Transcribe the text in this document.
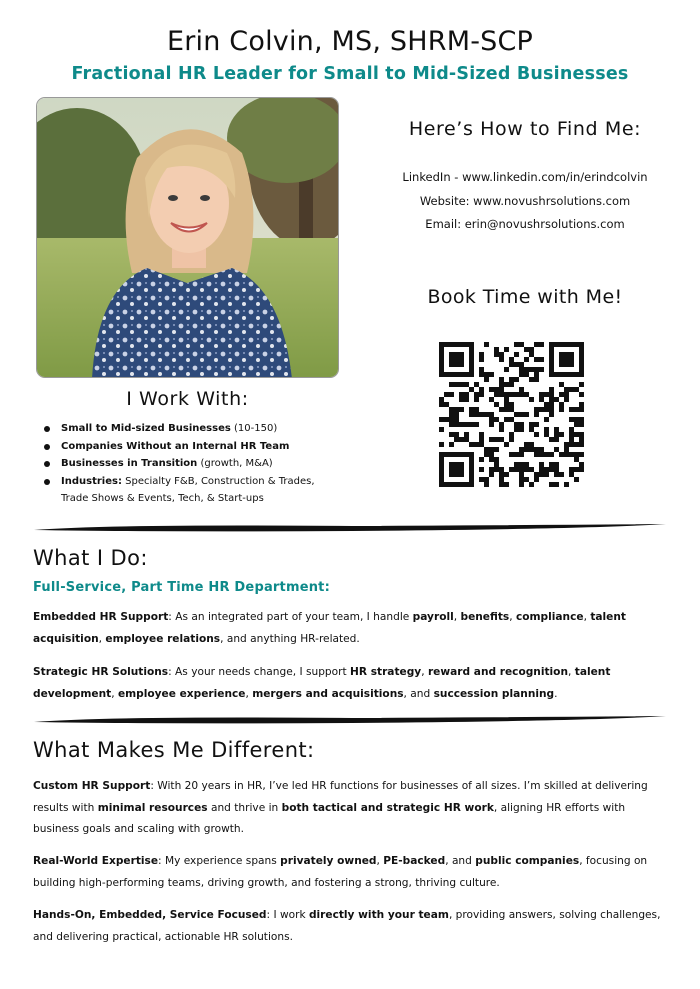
Erin Colvin, MS, SHRM-SCP
Fractional HR Leader for Small to Mid-Sized Businesses
Here’s How to Find Me:
LinkedIn - www.linkedin.com/in/erindcolvin
Website: www.novushrsolutions.com
Email: erin@novushrsolutions.com
Book Time with Me!
I Work With:
Small to Mid-sized Businesses (10-150)
Companies Without an Internal HR Team
Businesses in Transition (growth, M&A)
Industries: Specialty F&B, Construction & Trades, Trade Shows & Events, Tech, & Start-ups
What I Do:
Full-Service, Part Time HR Department:
Embedded HR Support: As an integrated part of your team, I handle payroll, benefits, compliance, talent acquisition, employee relations, and anything HR-related.
Strategic HR Solutions: As your needs change, I support HR strategy, reward and recognition, talent development, employee experience, mergers and acquisitions, and succession planning.
What Makes Me Different:
Custom HR Support: With 20 years in HR, I’ve led HR functions for businesses of all sizes. I’m skilled at delivering results with minimal resources and thrive in both tactical and strategic HR work, aligning HR efforts with business goals and scaling with growth.
Real-World Expertise: My experience spans privately owned, PE-backed, and public companies, focusing on building high-performing teams, driving growth, and fostering a strong, thriving culture.
Hands-On, Embedded, Service Focused: I work directly with your team, providing answers, solving challenges, and delivering practical, actionable HR solutions.
